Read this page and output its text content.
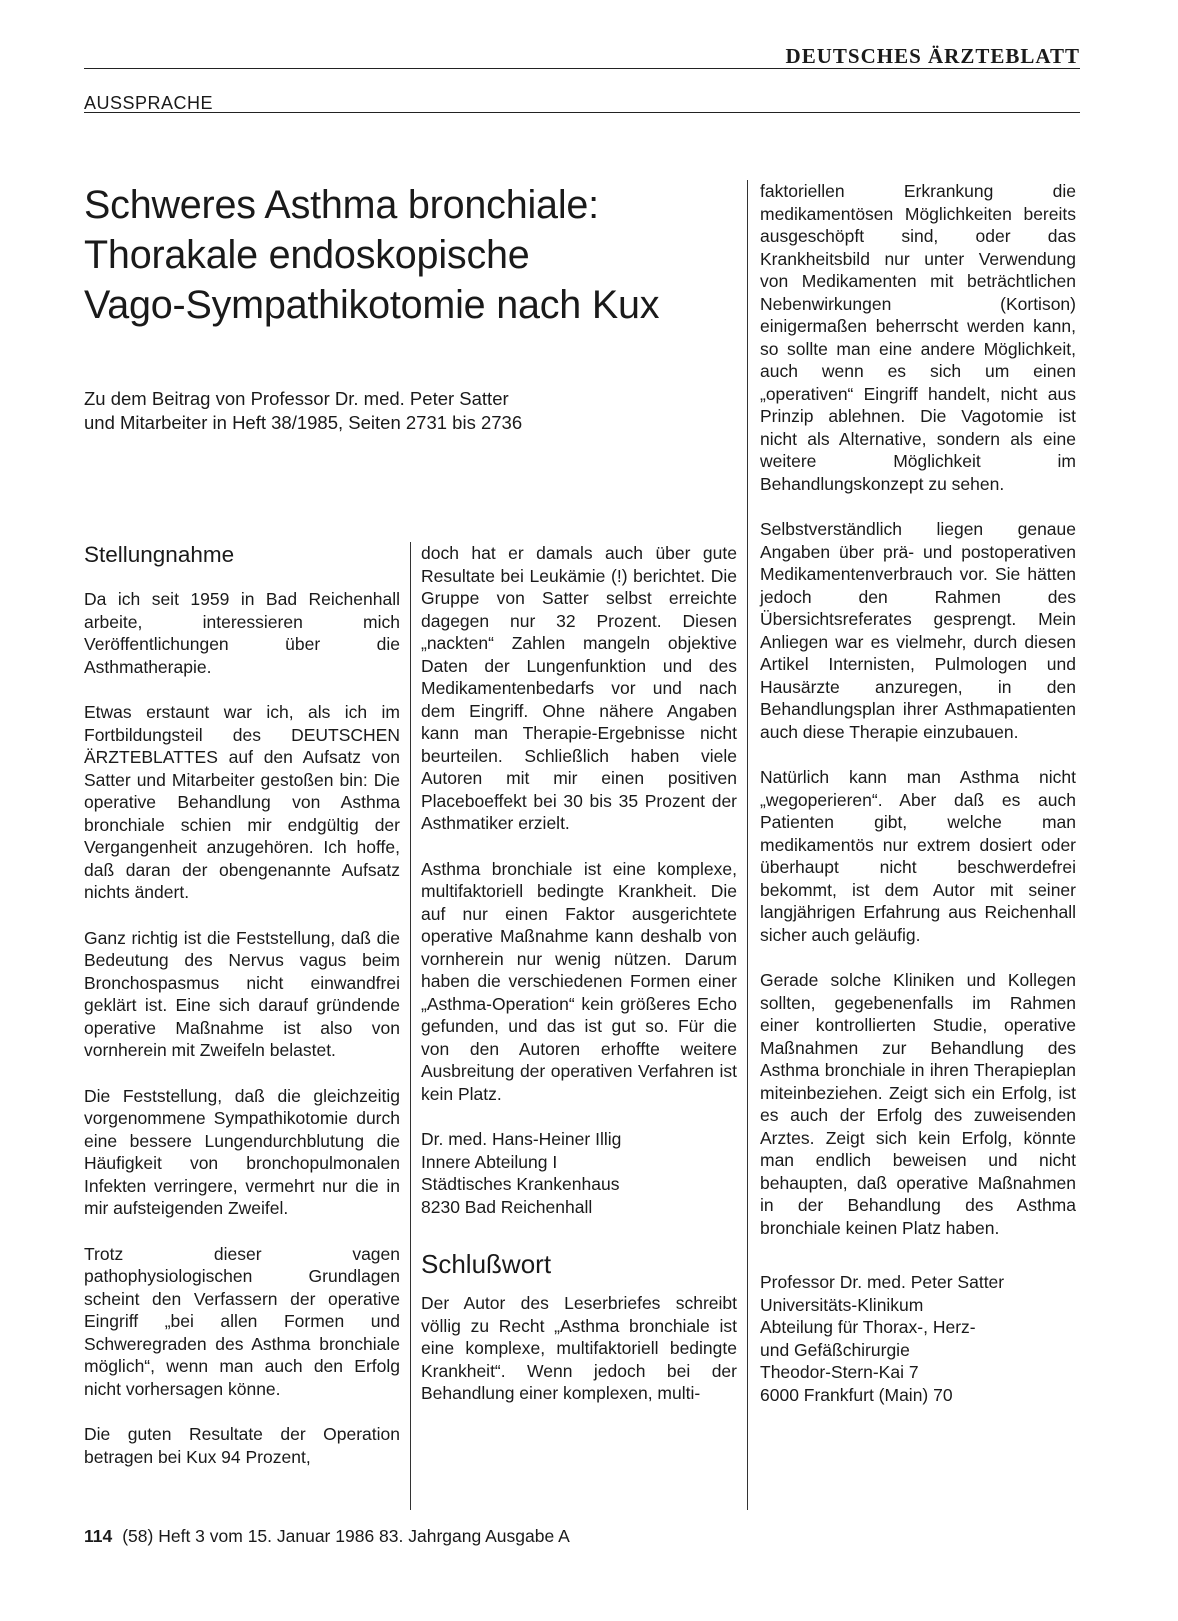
DEUTSCHES ÄRZTEBLATT
AUSSPRACHE
Schweres Asthma bronchiale:
Thorakale endoskopische
Vago-Sympathikotomie nach Kux
Zu dem Beitrag von Professor Dr. med. Peter Satter
und Mitarbeiter in Heft 38/1985, Seiten 2731 bis 2736
Stellungnahme

Da ich seit 1959 in Bad Reichenhall arbeite, interessieren mich Veröffentlichungen über die Asthmatherapie.

Etwas erstaunt war ich, als ich im Fortbildungsteil des DEUTSCHEN ÄRZTEBLATTES auf den Aufsatz von Satter und Mitarbeiter gestoßen bin: Die operative Behandlung von Asthma bronchiale schien mir endgültig der Vergangenheit anzugehören. Ich hoffe, daß daran der obengenannte Aufsatz nichts ändert.

Ganz richtig ist die Feststellung, daß die Bedeutung des Nervus vagus beim Bronchospasmus nicht einwandfrei geklärt ist. Eine sich darauf gründende operative Maßnahme ist also von vornherein mit Zweifeln belastet.

Die Feststellung, daß die gleichzeitig vorgenommene Sympathikotomie durch eine bessere Lungendurchblutung die Häufigkeit von bronchopulmonalen Infekten verringere, vermehrt nur die in mir aufsteigenden Zweifel.

Trotz dieser vagen pathophysiologischen Grundlagen scheint den Verfassern der operative Eingriff „bei allen Formen und Schweregraden des Asthma bronchiale möglich“, wenn man auch den Erfolg nicht vorhersagen könne.

Die guten Resultate der Operation betragen bei Kux 94 Prozent,

doch hat er damals auch über gute Resultate bei Leukämie (!) berichtet. Die Gruppe von Satter selbst erreichte dagegen nur 32 Prozent. Diesen „nackten“ Zahlen mangeln objektive Daten der Lungenfunktion und des Medikamentenbedarfs vor und nach dem Eingriff. Ohne nähere Angaben kann man Therapie-Ergebnisse nicht beurteilen. Schließlich haben viele Autoren mit mir einen positiven Placeboeffekt bei 30 bis 35 Prozent der Asthmatiker erzielt.

Asthma bronchiale ist eine komplexe, multifaktoriell bedingte Krankheit. Die auf nur einen Faktor ausgerichtete operative Maßnahme kann deshalb von vornherein nur wenig nützen. Darum haben die verschiedenen Formen einer „Asthma-Operation“ kein größeres Echo gefunden, und das ist gut so. Für die von den Autoren erhoffte weitere Ausbreitung der operativen Verfahren ist kein Platz.

Dr. med. Hans-Heiner Illig
Innere Abteilung I
Städtisches Krankenhaus
8230 Bad Reichenhall
Schlußwort

Der Autor des Leserbriefes schreibt völlig zu Recht „Asthma bronchiale ist eine komplexe, multifaktoriell bedingte Krankheit“. Wenn jedoch bei der Behandlung einer komplexen, multi-

faktoriellen Erkrankung die medikamentösen Möglichkeiten bereits ausgeschöpft sind, oder das Krankheitsbild nur unter Verwendung von Medikamenten mit beträchtlichen Nebenwirkungen (Kortison) einigermaßen beherrscht werden kann, so sollte man eine andere Möglichkeit, auch wenn es sich um einen „operativen“ Eingriff handelt, nicht aus Prinzip ablehnen. Die Vagotomie ist nicht als Alternative, sondern als eine weitere Möglichkeit im Behandlungskonzept zu sehen.

Selbstverständlich liegen genaue Angaben über prä- und postoperativen Medikamentenverbrauch vor. Sie hätten jedoch den Rahmen des Übersichtsreferates gesprengt. Mein Anliegen war es vielmehr, durch diesen Artikel Internisten, Pulmologen und Hausärzte anzuregen, in den Behandlungsplan ihrer Asthmapatienten auch diese Therapie einzubauen.

Natürlich kann man Asthma nicht „wegoperieren“. Aber daß es auch Patienten gibt, welche man medikamentös nur extrem dosiert oder überhaupt nicht beschwerdefrei bekommt, ist dem Autor mit seiner langjährigen Erfahrung aus Reichenhall sicher auch geläufig.

Gerade solche Kliniken und Kollegen sollten, gegebenenfalls im Rahmen einer kontrollierten Studie, operative Maßnahmen zur Behandlung des Asthma bronchiale in ihren Therapieplan miteinbeziehen. Zeigt sich ein Erfolg, ist es auch der Erfolg des zuweisenden Arztes. Zeigt sich kein Erfolg, könnte man endlich beweisen und nicht behaupten, daß operative Maßnahmen in der Behandlung des Asthma bronchiale keinen Platz haben.

Professor Dr. med. Peter Satter
Universitäts-Klinikum
Abteilung für Thorax-, Herz-
und Gefäßchirurgie
Theodor-Stern-Kai 7
6000 Frankfurt (Main) 70
114 (58) Heft 3 vom 15. Januar 1986 83. Jahrgang Ausgabe A
